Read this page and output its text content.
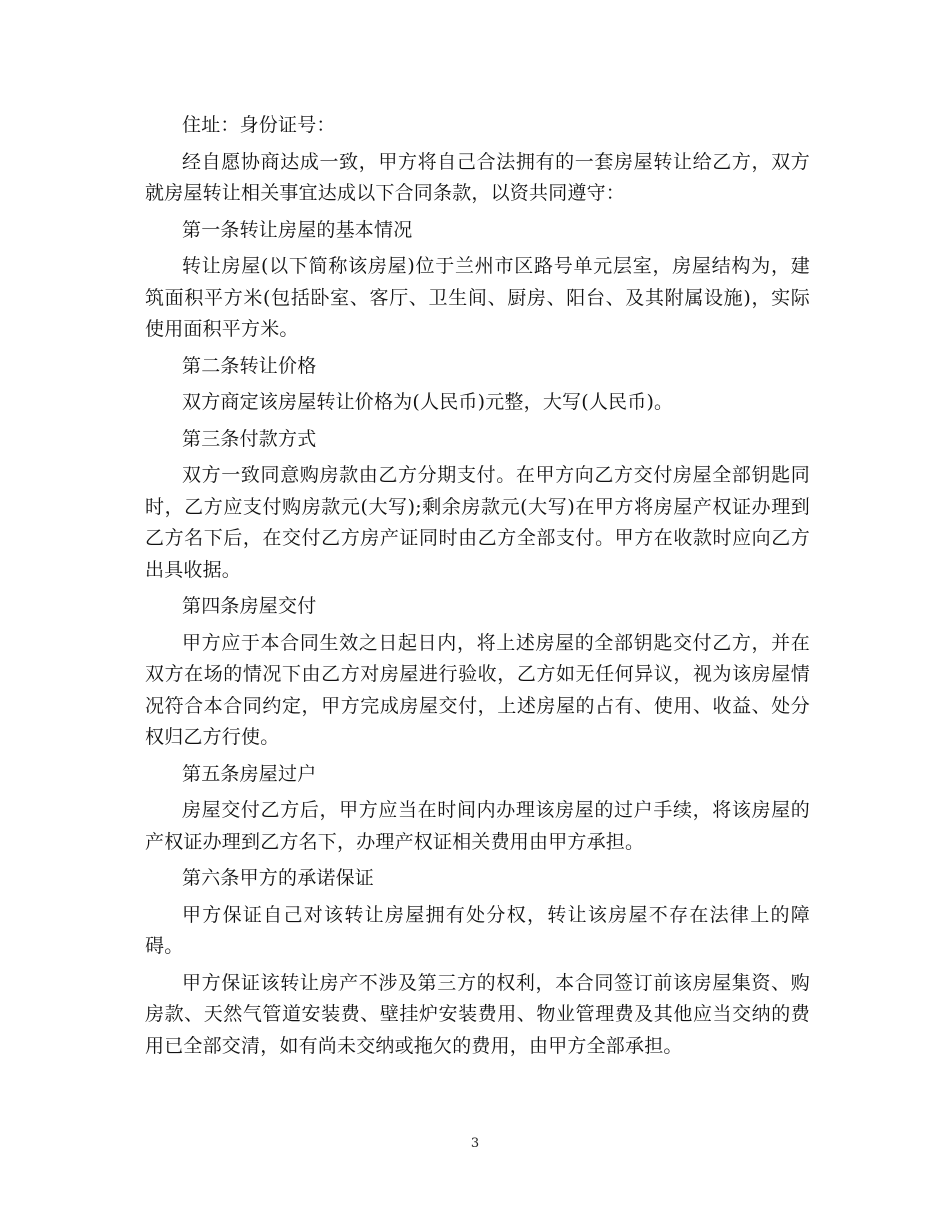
住址：身份证号：

经自愿协商达成一致，甲方将自己合法拥有的一套房屋转让给乙方，双方就房屋转让相关事宜达成以下合同条款，以资共同遵守：

第一条转让房屋的基本情况

转让房屋(以下简称该房屋)位于兰州市区路号单元层室，房屋结构为，建筑面积平方米(包括卧室、客厅、卫生间、厨房、阳台、及其附属设施)，实际使用面积平方米。

第二条转让价格

双方商定该房屋转让价格为(人民币)元整，大写(人民币)。

第三条付款方式

双方一致同意购房款由乙方分期支付。在甲方向乙方交付房屋全部钥匙同时，乙方应支付购房款元(大写);剩余房款元(大写)在甲方将房屋产权证办理到乙方名下后，在交付乙方房产证同时由乙方全部支付。甲方在收款时应向乙方出具收据。

第四条房屋交付

甲方应于本合同生效之日起日内，将上述房屋的全部钥匙交付乙方，并在双方在场的情况下由乙方对房屋进行验收，乙方如无任何异议，视为该房屋情况符合本合同约定，甲方完成房屋交付，上述房屋的占有、使用、收益、处分权归乙方行使。

第五条房屋过户

房屋交付乙方后，甲方应当在时间内办理该房屋的过户手续，将该房屋的产权证办理到乙方名下，办理产权证相关费用由甲方承担。

第六条甲方的承诺保证

甲方保证自己对该转让房屋拥有处分权，转让该房屋不存在法律上的障碍。

甲方保证该转让房产不涉及第三方的权利，本合同签订前该房屋集资、购房款、天然气管道安装费、壁挂炉安装费用、物业管理费及其他应当交纳的费用已全部交清，如有尚未交纳或拖欠的费用，由甲方全部承担。

3
